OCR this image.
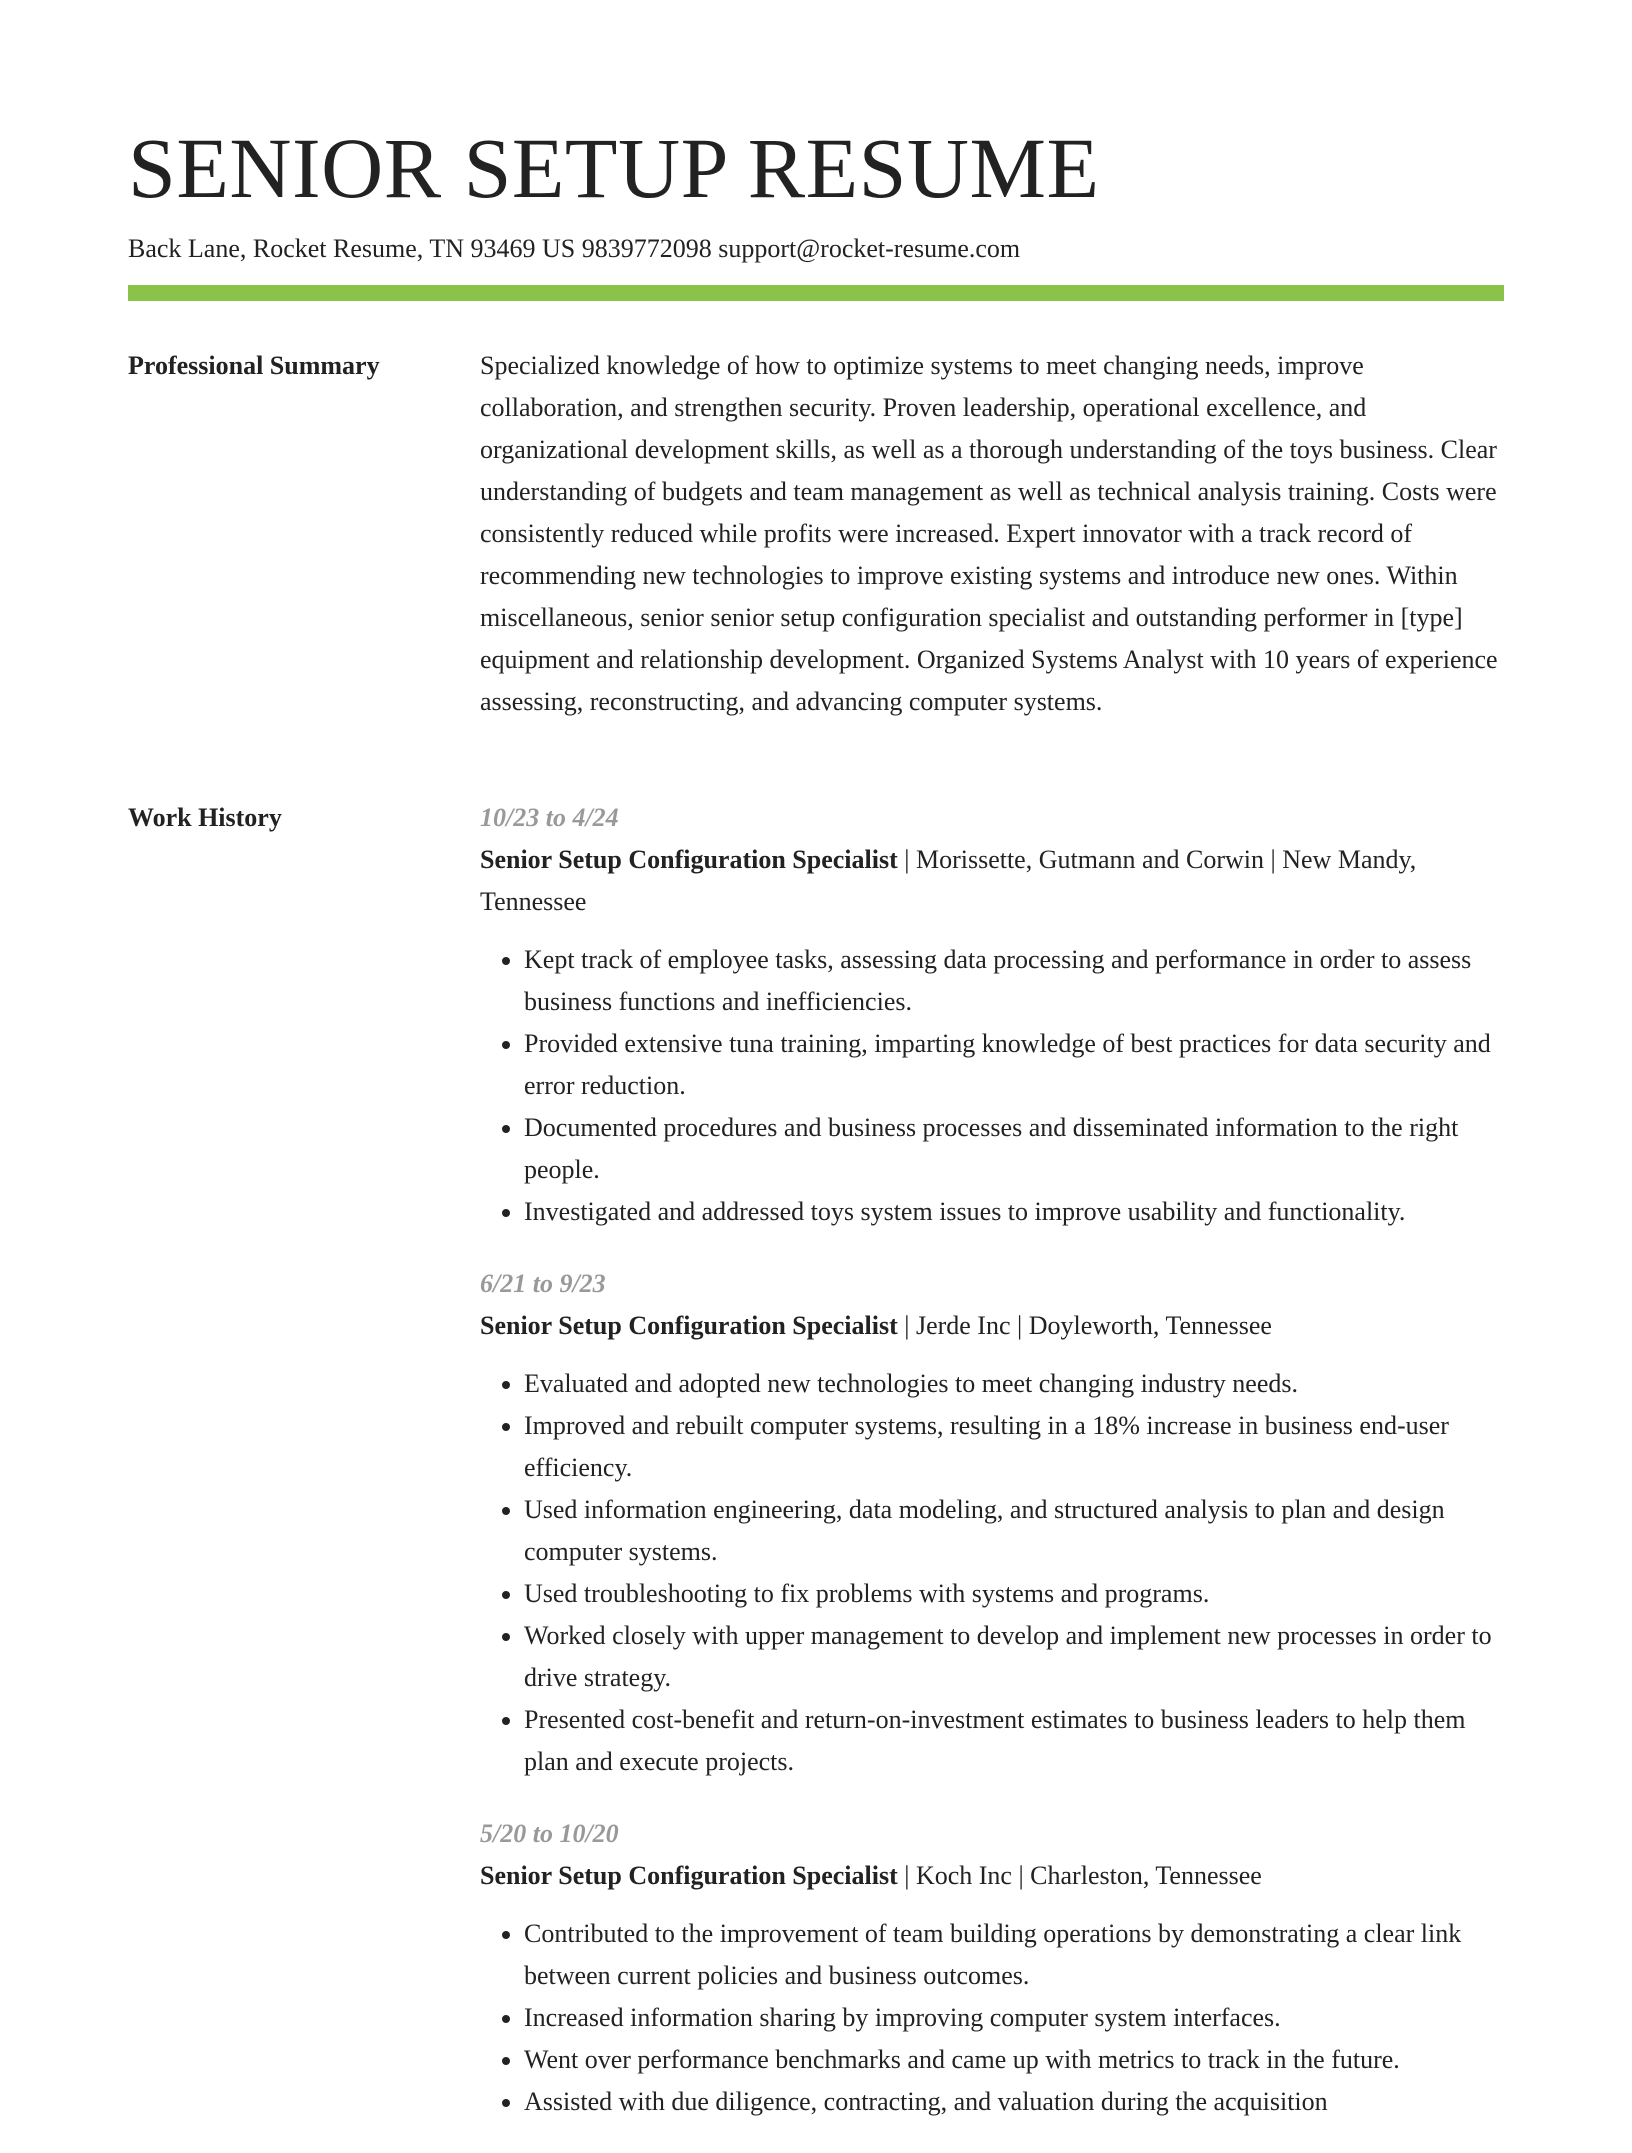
SENIOR SETUP RESUME
Back Lane, Rocket Resume, TN 93469 US 9839772098 support@rocket-resume.com
Professional Summary	Specialized knowledge of how to optimize systems to meet changing needs, improve collaboration, and strengthen security. Proven leadership, operational excellence, and organizational development skills, as well as a thorough understanding of the toys business. Clear understanding of budgets and team management as well as technical analysis training. Costs were consistently reduced while profits were increased. Expert innovator with a track record of recommending new technologies to improve existing systems and introduce new ones. Within miscellaneous, senior senior setup configuration specialist and outstanding performer in [type] equipment and relationship development. Organized Systems Analyst with 10 years of experience assessing, reconstructing, and advancing computer systems.

Work History	10/23 to 4/24
Senior Setup Configuration Specialist | Morissette, Gutmann and Corwin | New Mandy, Tennessee
• Kept track of employee tasks, assessing data processing and performance in order to assess business functions and inefficiencies.
• Provided extensive tuna training, imparting knowledge of best practices for data security and error reduction.
• Documented procedures and business processes and disseminated information to the right people.
• Investigated and addressed toys system issues to improve usability and functionality.
6/21 to 9/23
Senior Setup Configuration Specialist | Jerde Inc | Doyleworth, Tennessee
• Evaluated and adopted new technologies to meet changing industry needs.
• Improved and rebuilt computer systems, resulting in a 18% increase in business end-user efficiency.
• Used information engineering, data modeling, and structured analysis to plan and design computer systems.
• Used troubleshooting to fix problems with systems and programs.
• Worked closely with upper management to develop and implement new processes in order to drive strategy.
• Presented cost-benefit and return-on-investment estimates to business leaders to help them plan and execute projects.
5/20 to 10/20
Senior Setup Configuration Specialist | Koch Inc | Charleston, Tennessee
• Contributed to the improvement of team building operations by demonstrating a clear link between current policies and business outcomes.
• Increased information sharing by improving computer system interfaces.
• Went over performance benchmarks and came up with metrics to track in the future.
• Assisted with due diligence, contracting, and valuation during the acquisition
